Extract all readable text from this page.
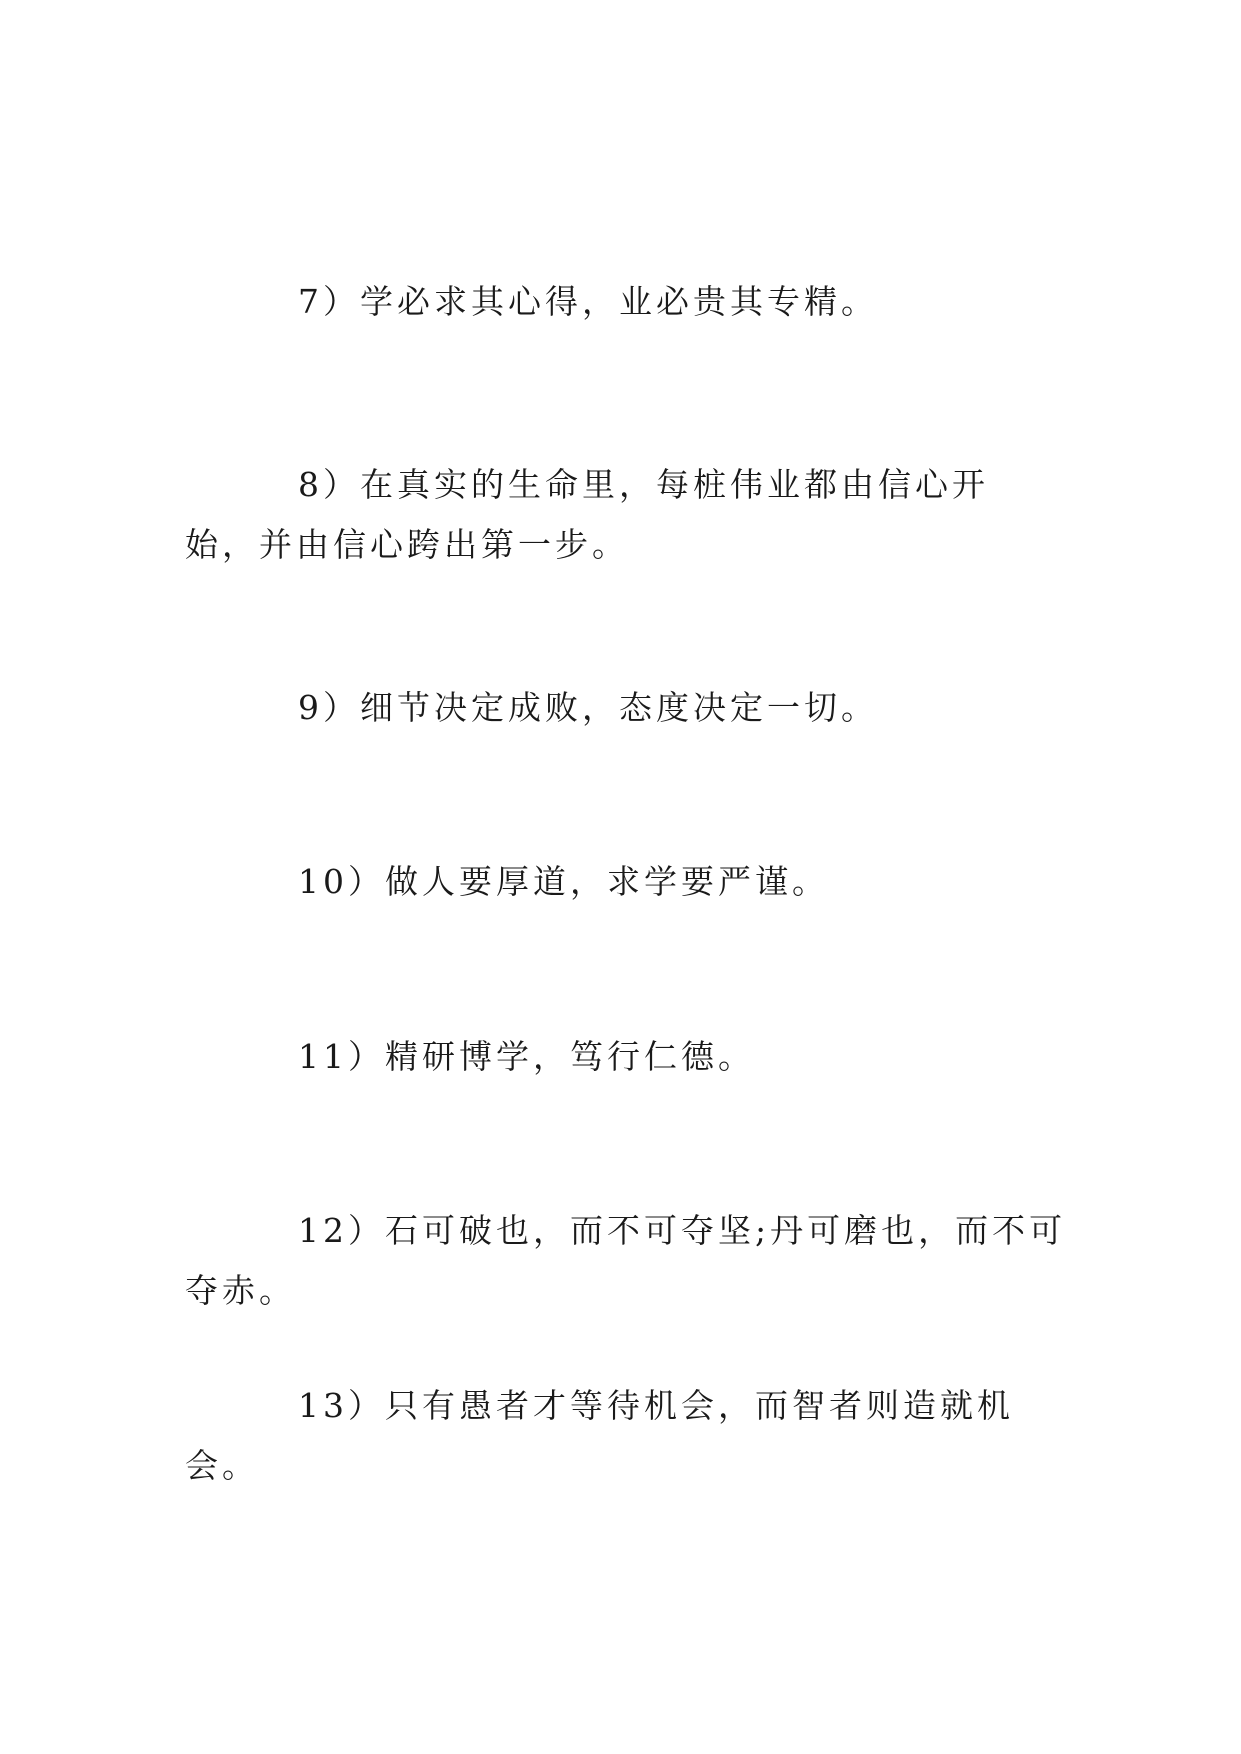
7）学必求其心得，业必贵其专精。

8）在真实的生命里，每桩伟业都由信心开始，并由信心跨出第一步。

9）细节决定成败，态度决定一切。

10）做人要厚道，求学要严谨。

11）精研博学，笃行仁德。

12）石可破也，而不可夺坚;丹可磨也，而不可夺赤。

13）只有愚者才等待机会，而智者则造就机会。
